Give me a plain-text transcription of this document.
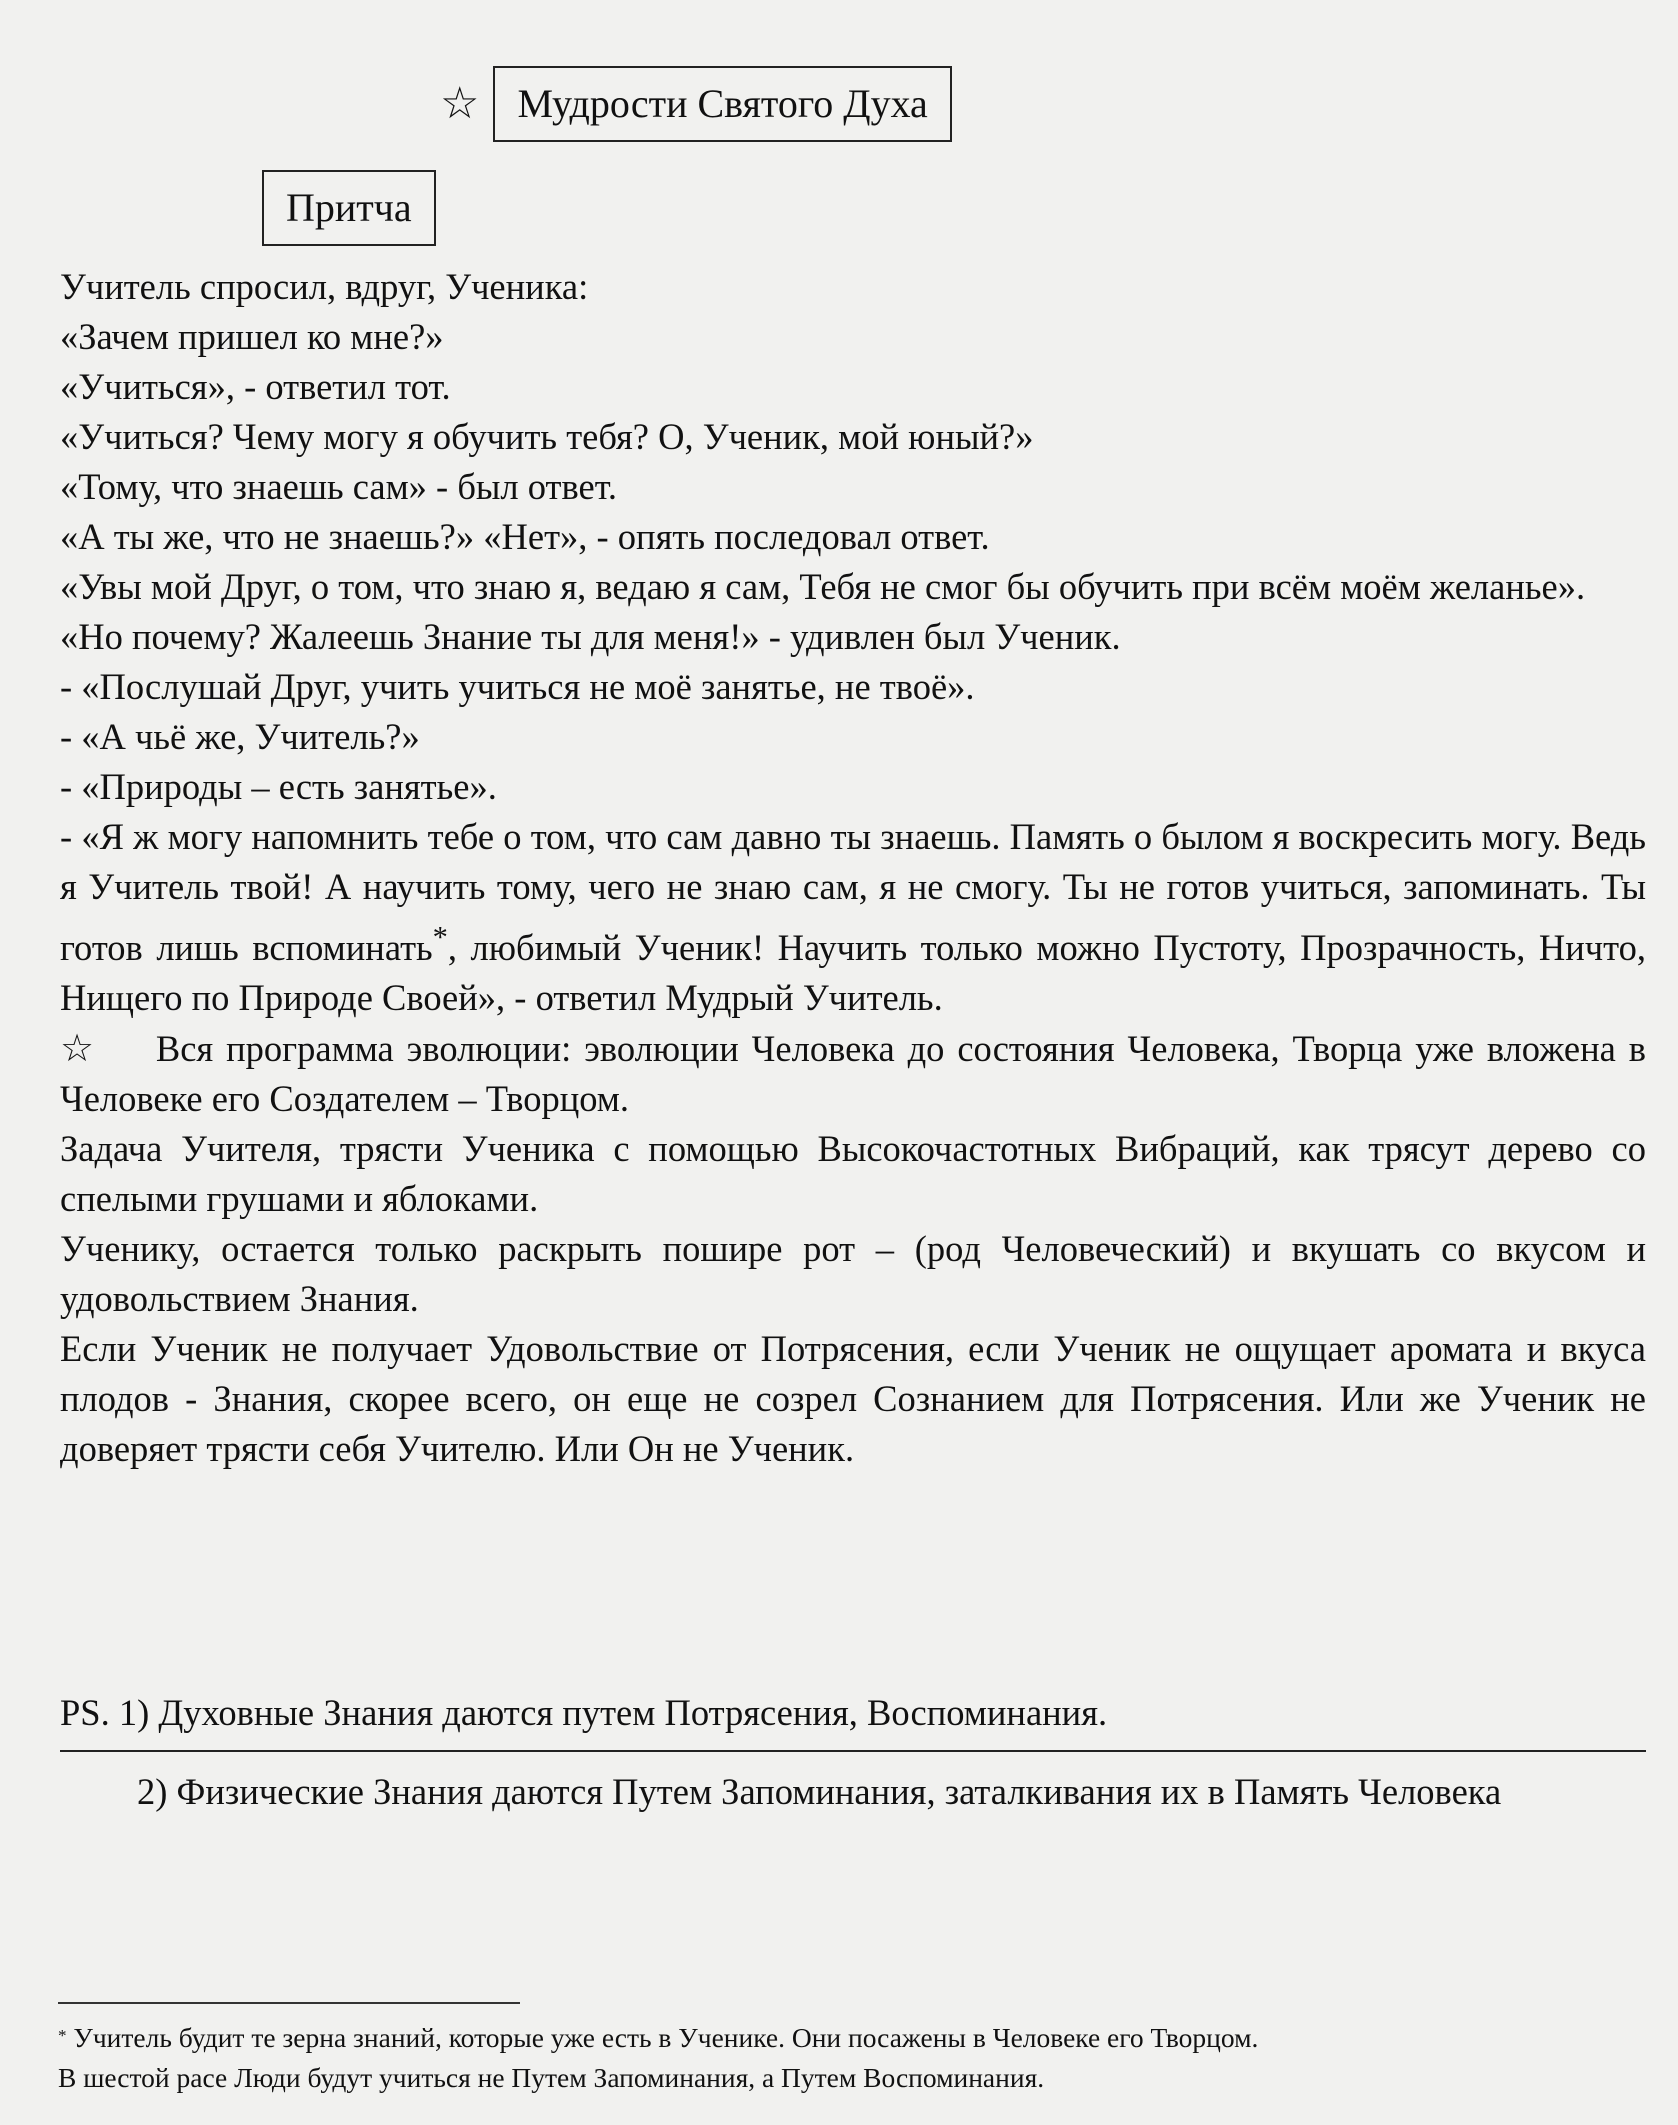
☆ Мудрости Святого Духа
Притча

Учитель спросил, вдруг, Ученика:

«Зачем пришел ко мне?»

«Учиться», - ответил тот.

«Учиться? Чему могу я обучить тебя? О, Ученик, мой юный?»

«Тому, что знаешь сам» - был ответ.

«А ты же, что не знаешь?» «Нет», - опять последовал ответ.

«Увы мой Друг, о том, что знаю я, ведаю я сам, Тебя не смог бы обучить при всём моём желанье».

«Но почему? Жалеешь Знание ты для меня!» - удивлен был Ученик.

- «Послушай Друг, учить учиться не моё занятье, не твоё».

- «А чьё же, Учитель?»

- «Природы – есть занятье».

- «Я ж могу напомнить тебе о том, что сам давно ты знаешь. Память о былом я воскресить могу. Ведь я Учитель твой! А научить тому, чего не знаю сам, я не смогу. Ты не готов учиться, запоминать. Ты готов лишь вспоминать*, любимый Ученик! Научить только можно Пустоту, Прозрачность, Ничто, Нищего по Природе Своей», - ответил Мудрый Учитель.

☆ Вся программа эволюции: эволюции Человека до состояния Человека, Творца уже вложена в Человеке его Создателем – Творцом.

Задача Учителя, трясти Ученика с помощью Высокочастотных Вибраций, как трясут дерево со спелыми грушами и яблоками.

Ученику, остается только раскрыть пошире рот – (род Человеческий) и вкушать со вкусом и удовольствием Знания.

Если Ученик не получает Удовольствие от Потрясения, если Ученик не ощущает аромата и вкуса плодов - Знания, скорее всего, он еще не созрел Сознанием для Потрясения. Или же Ученик не доверяет трясти себя Учителю. Или Он не Ученик.

PS. 1) Духовные Знания даются путем Потрясения, Воспоминания.
2) Физические Знания даются Путем Запоминания, заталкивания их в Память Человека
* Учитель будит те зерна знаний, которые уже есть в Ученике. Они посажены в Человеке его Творцом.
В шестой расе Люди будут учиться не Путем Запоминания, а Путем Воспоминания.
